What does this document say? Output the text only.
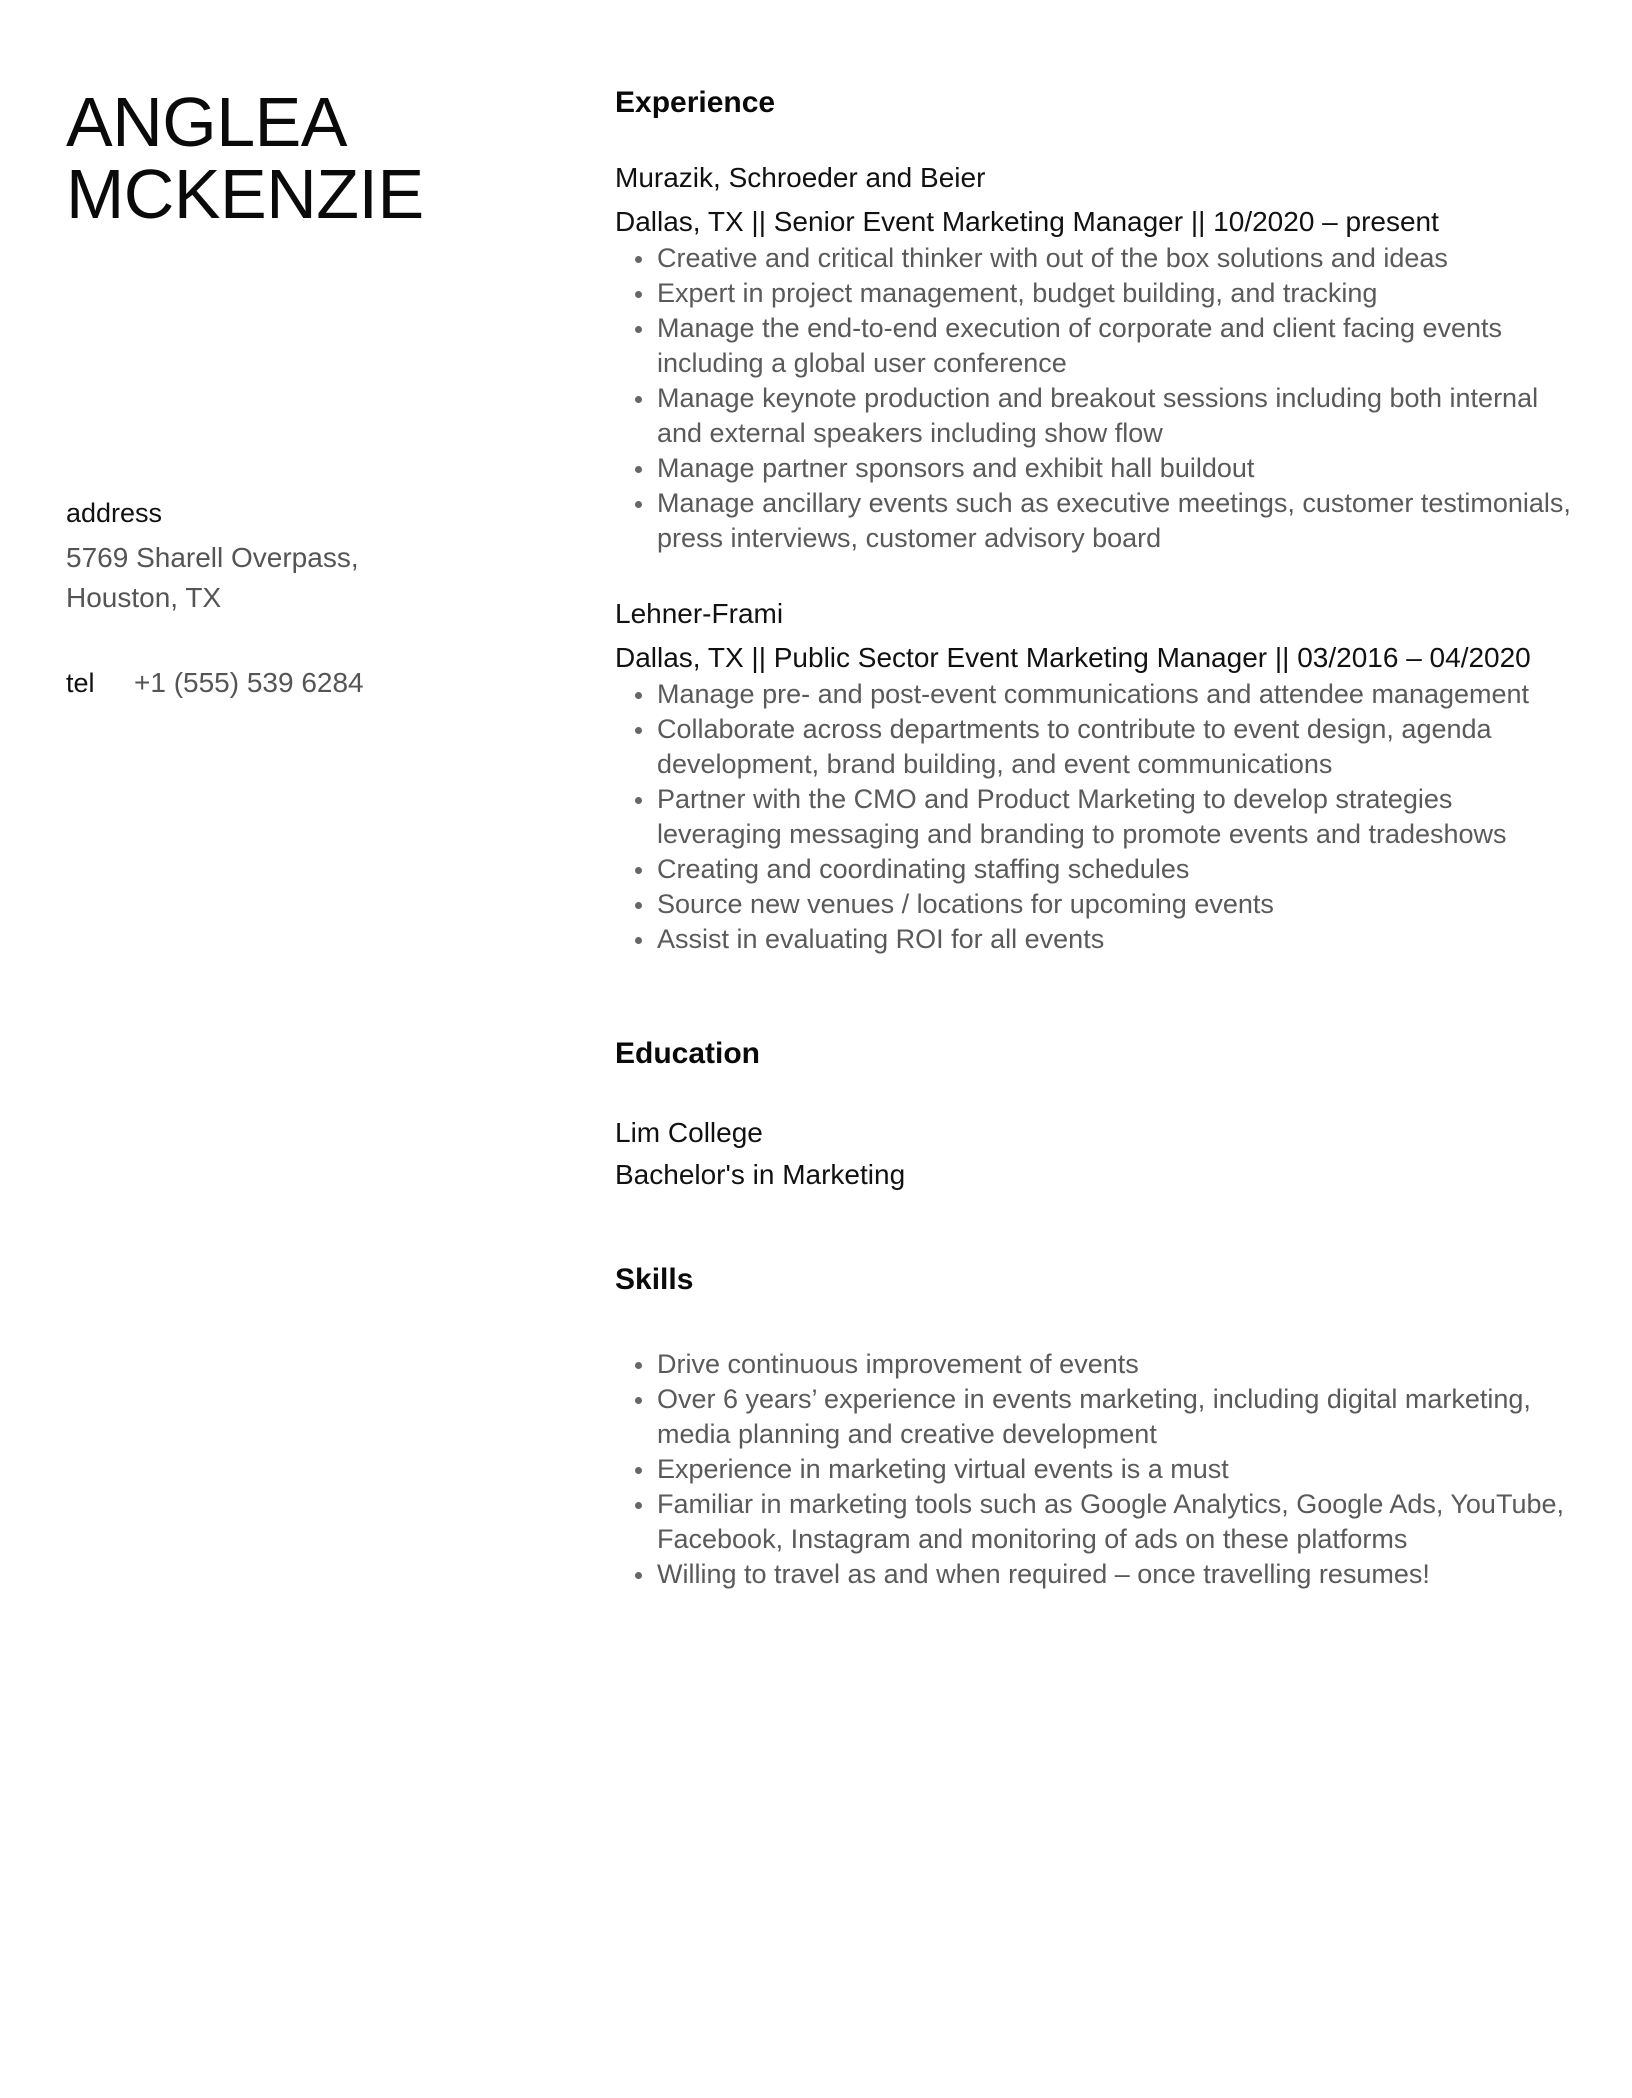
ANGLEA
MCKENZIE
address
5769 Sharell Overpass,
Houston, TX
tel +1 (555) 539 6284
Experience

Murazik, Schroeder and Beier

Dallas, TX || Senior Event Marketing Manager || 10/2020 – present

Creative and critical thinker with out of the box solutions and ideas
Expert in project management, budget building, and tracking
Manage the end-to-end execution of corporate and client facing events including a global user conference
Manage keynote production and breakout sessions including both internal and external speakers including show flow
Manage partner sponsors and exhibit hall buildout
Manage ancillary events such as executive meetings, customer testimonials, press interviews, customer advisory board

Lehner-Frami

Dallas, TX || Public Sector Event Marketing Manager || 03/2016 – 04/2020

Manage pre- and post-event communications and attendee management
Collaborate across departments to contribute to event design, agenda development, brand building, and event communications
Partner with the CMO and Product Marketing to develop strategies leveraging messaging and branding to promote events and tradeshows
Creating and coordinating staffing schedules
Source new venues / locations for upcoming events
Assist in evaluating ROI for all events
Education

Lim College

Bachelor's in Marketing

Skills
Drive continuous improvement of events
Over 6 years’ experience in events marketing, including digital marketing, media planning and creative development
Experience in marketing virtual events is a must
Familiar in marketing tools such as Google Analytics, Google Ads, YouTube, Facebook, Instagram and monitoring of ads on these platforms
Willing to travel as and when required – once travelling resumes!
